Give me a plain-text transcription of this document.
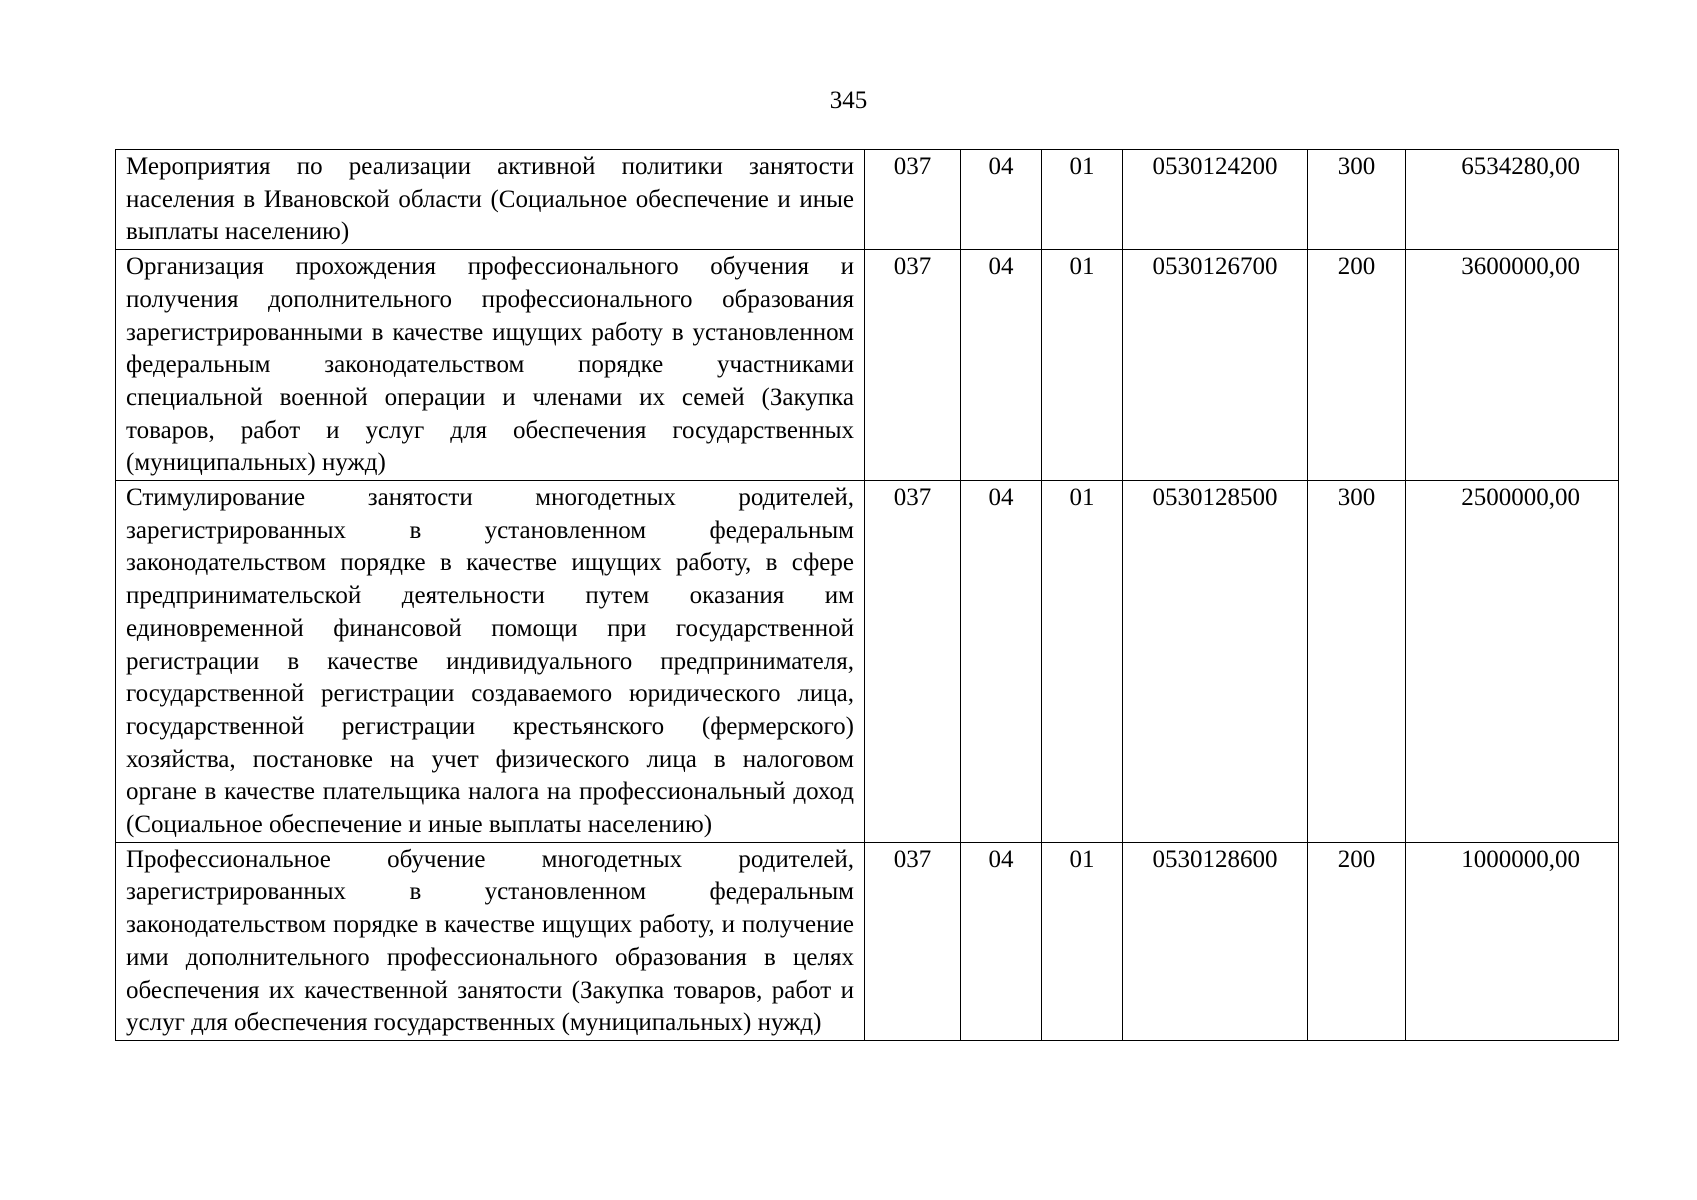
345
Мероприятия по реализации активной политики занятости населения в Ивановской области (Социальное обеспечение и иные выплаты населению)	037	04	01	0530124200	300	6534280,00
Организация прохождения профессионального обучения и получения дополнительного профессионального образования зарегистрированными в качестве ищущих работу в установленном федеральным законодательством порядке участниками специальной военной операции и членами их семей (Закупка товаров, работ и услуг для обеспечения государственных (муниципальных) нужд)	037	04	01	0530126700	200	3600000,00
Стимулирование занятости многодетных родителей, зарегистрированных в установленном федеральным законодательством порядке в качестве ищущих работу, в сфере предпринимательской деятельности путем оказания им единовременной финансовой помощи при государственной регистрации в качестве индивидуального предпринимателя, государственной регистрации создаваемого юридического лица, государственной регистрации крестьянского (фермерского) хозяйства, постановке на учет физического лица в налоговом органе в качестве плательщика налога на профессиональный доход (Социальное обеспечение и иные выплаты населению)	037	04	01	0530128500	300	2500000,00
Профессиональное обучение многодетных родителей, зарегистрированных в установленном федеральным законодательством порядке в качестве ищущих работу, и получение ими дополнительного профессионального образования в целях обеспечения их качественной занятости (Закупка товаров, работ и услуг для обеспечения государственных (муниципальных) нужд)	037	04	01	0530128600	200	1000000,00
